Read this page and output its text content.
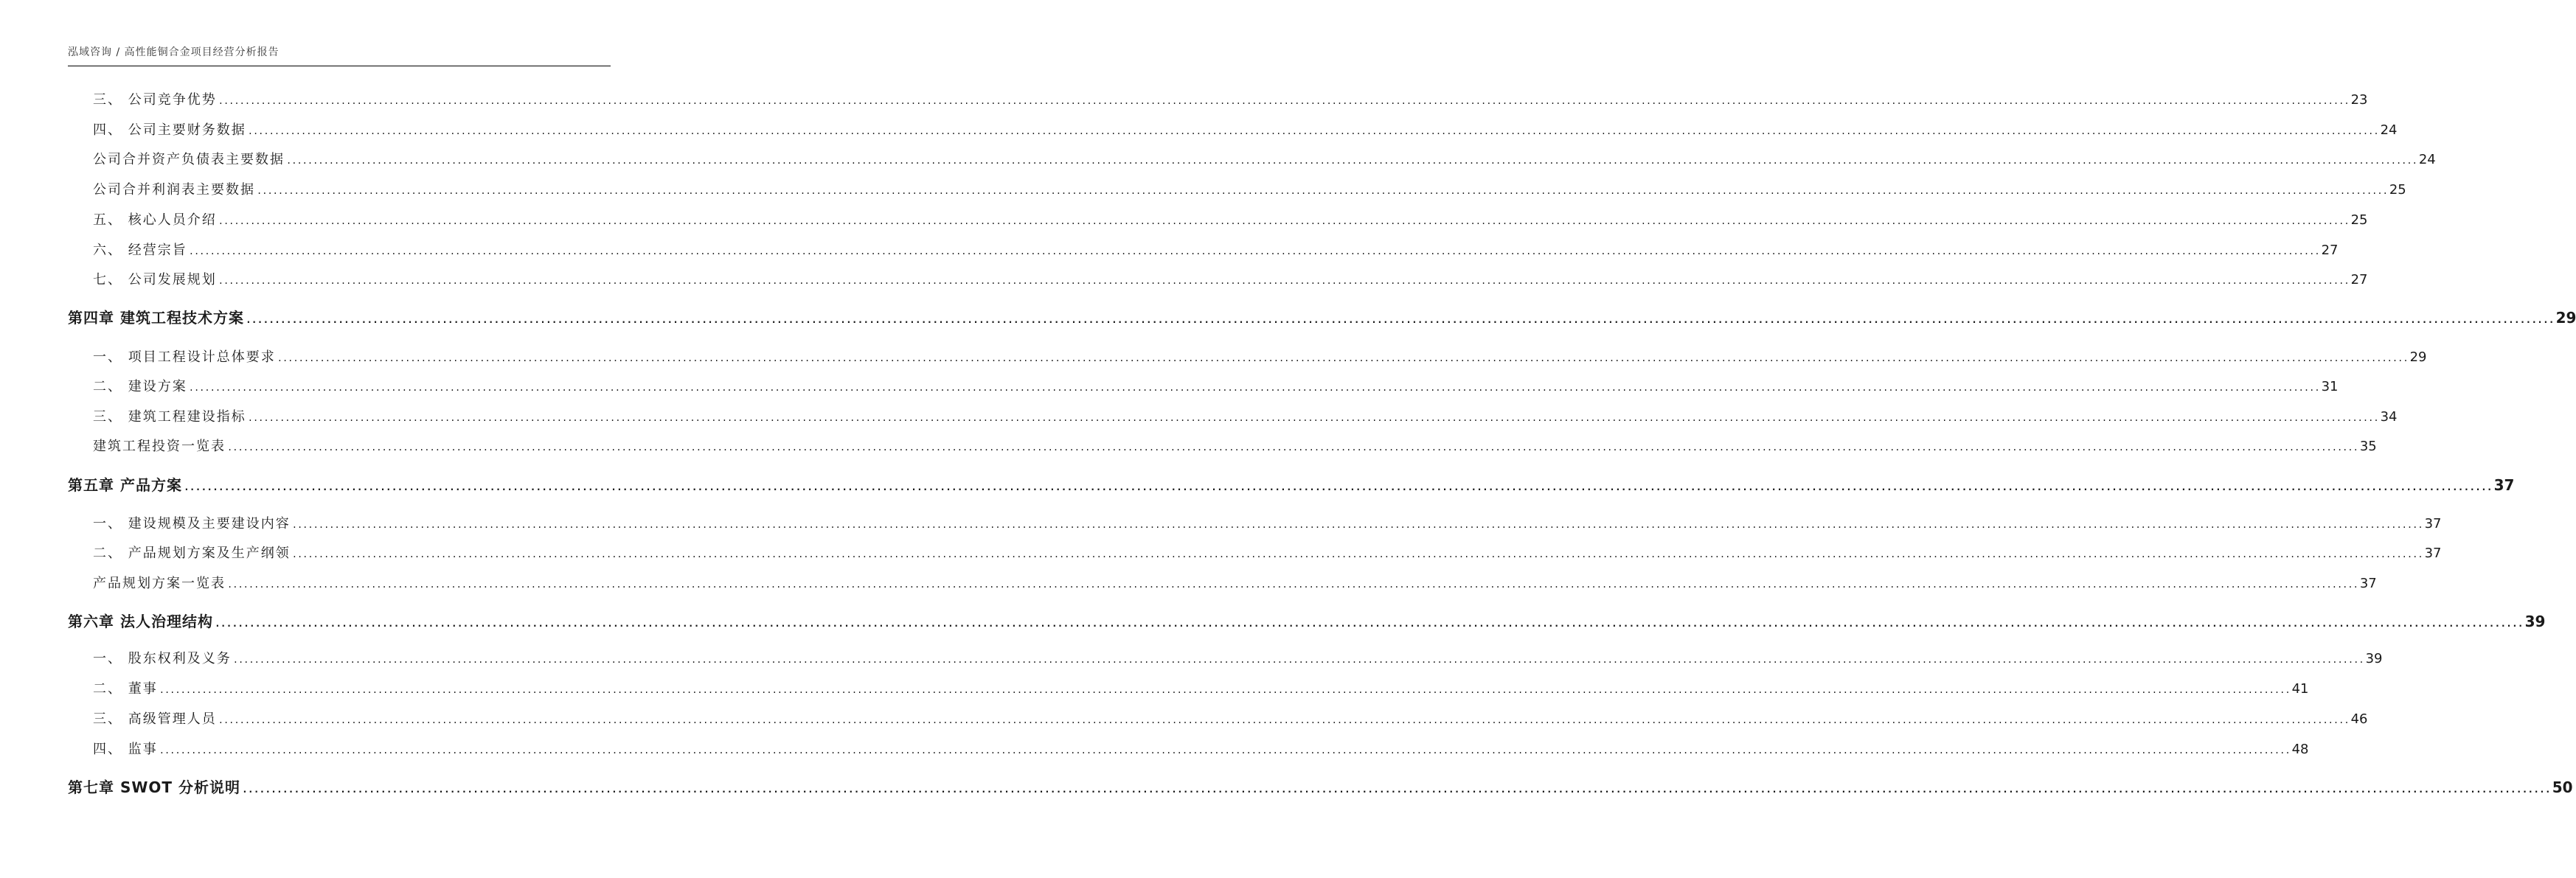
泓域咨询 / 高性能铜合金项目经营分析报告
三、 公司竞争优势 ................................................................................................................................................................................................................................................................................................................................................................................................................ 23
四、 公司主要财务数据 ................................................................................................................................................................................................................................................................................................................................................................................................................ 24
公司合并资产负债表主要数据 ................................................................................................................................................................................................................................................................................................................................................................................................................ 24
公司合并利润表主要数据 ................................................................................................................................................................................................................................................................................................................................................................................................................ 25
五、 核心人员介绍 ................................................................................................................................................................................................................................................................................................................................................................................................................ 25
六、 经营宗旨 ................................................................................................................................................................................................................................................................................................................................................................................................................ 27
七、 公司发展规划 ................................................................................................................................................................................................................................................................................................................................................................................................................ 27
第四章 建筑工程技术方案 ................................................................................................................................................................................................................................................................................................................................................................................................................ 29
一、 项目工程设计总体要求 ................................................................................................................................................................................................................................................................................................................................................................................................................ 29
二、 建设方案 ................................................................................................................................................................................................................................................................................................................................................................................................................ 31
三、 建筑工程建设指标 ................................................................................................................................................................................................................................................................................................................................................................................................................ 34
建筑工程投资一览表 ................................................................................................................................................................................................................................................................................................................................................................................................................ 35
第五章 产品方案 ................................................................................................................................................................................................................................................................................................................................................................................................................ 37
一、 建设规模及主要建设内容 ................................................................................................................................................................................................................................................................................................................................................................................................................ 37
二、 产品规划方案及生产纲领 ................................................................................................................................................................................................................................................................................................................................................................................................................ 37
产品规划方案一览表 ................................................................................................................................................................................................................................................................................................................................................................................................................ 37
第六章 法人治理结构 ................................................................................................................................................................................................................................................................................................................................................................................................................ 39
一、 股东权利及义务 ................................................................................................................................................................................................................................................................................................................................................................................................................ 39
二、 董事 ................................................................................................................................................................................................................................................................................................................................................................................................................ 41
三、 高级管理人员 ................................................................................................................................................................................................................................................................................................................................................................................................................ 46
四、 监事 ................................................................................................................................................................................................................................................................................................................................................................................................................ 48
第七章 SWOT 分析说明 ................................................................................................................................................................................................................................................................................................................................................................................................................ 50
